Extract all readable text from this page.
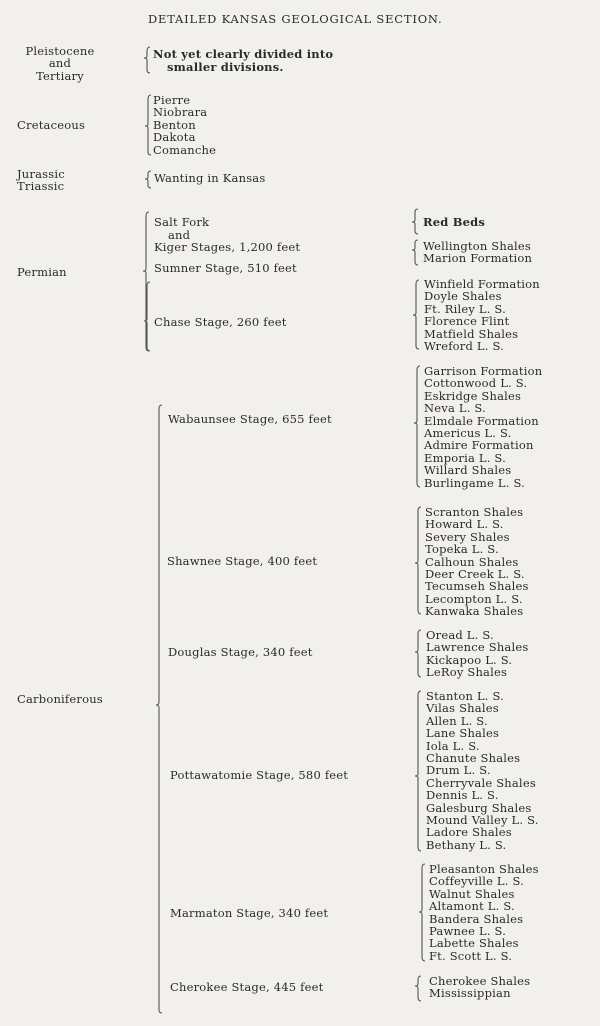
DETAILED KANSAS GEOLOGICAL SECTION.
Pleistocene
and
Tertiary
Cretaceous
Jurassic
Triassic
Permian
Carboniferous
Not yet clearly divided into
smaller divisions.
Pierre
Niobrara
Benton
Dakota
Comanche
Wanting in Kansas
Salt Fork
and
Kiger Stages, 1,200 feet
Sumner Stage, 510 feet
Chase Stage, 260 feet
Red Beds
Wellington Shales
Marion Formation
Winfield Formation
Doyle Shales
Ft. Riley L. S.
Florence Flint
Matfield Shales
Wreford L. S.
Wabaunsee Stage, 655 feet
Shawnee Stage, 400 feet
Douglas Stage, 340 feet
Pottawatomie Stage, 580 feet
Marmaton Stage, 340 feet
Cherokee Stage, 445 feet
Garrison Formation
Cottonwood L. S.
Eskridge Shales
Neva L. S.
Elmdale Formation
Americus L. S.
Admire Formation
Emporia L. S.
Willard Shales
Burlingame L. S.
Scranton Shales
Howard L. S.
Severy Shales
Topeka L. S.
Calhoun Shales
Deer Creek L. S.
Tecumseh Shales
Lecompton L. S.
Kanwaka Shales
Oread L. S.
Lawrence Shales
Kickapoo L. S.
LeRoy Shales
Stanton L. S.
Vilas Shales
Allen L. S.
Lane Shales
Iola L. S.
Chanute Shales
Drum L. S.
Cherryvale Shales
Dennis L. S.
Galesburg Shales
Mound Valley L. S.
Ladore Shales
Bethany L. S.
Pleasanton Shales
Coffeyville L. S.
Walnut Shales
Altamont L. S.
Bandera Shales
Pawnee L. S.
Labette Shales
Ft. Scott L. S.
Cherokee Shales
Mississippian
